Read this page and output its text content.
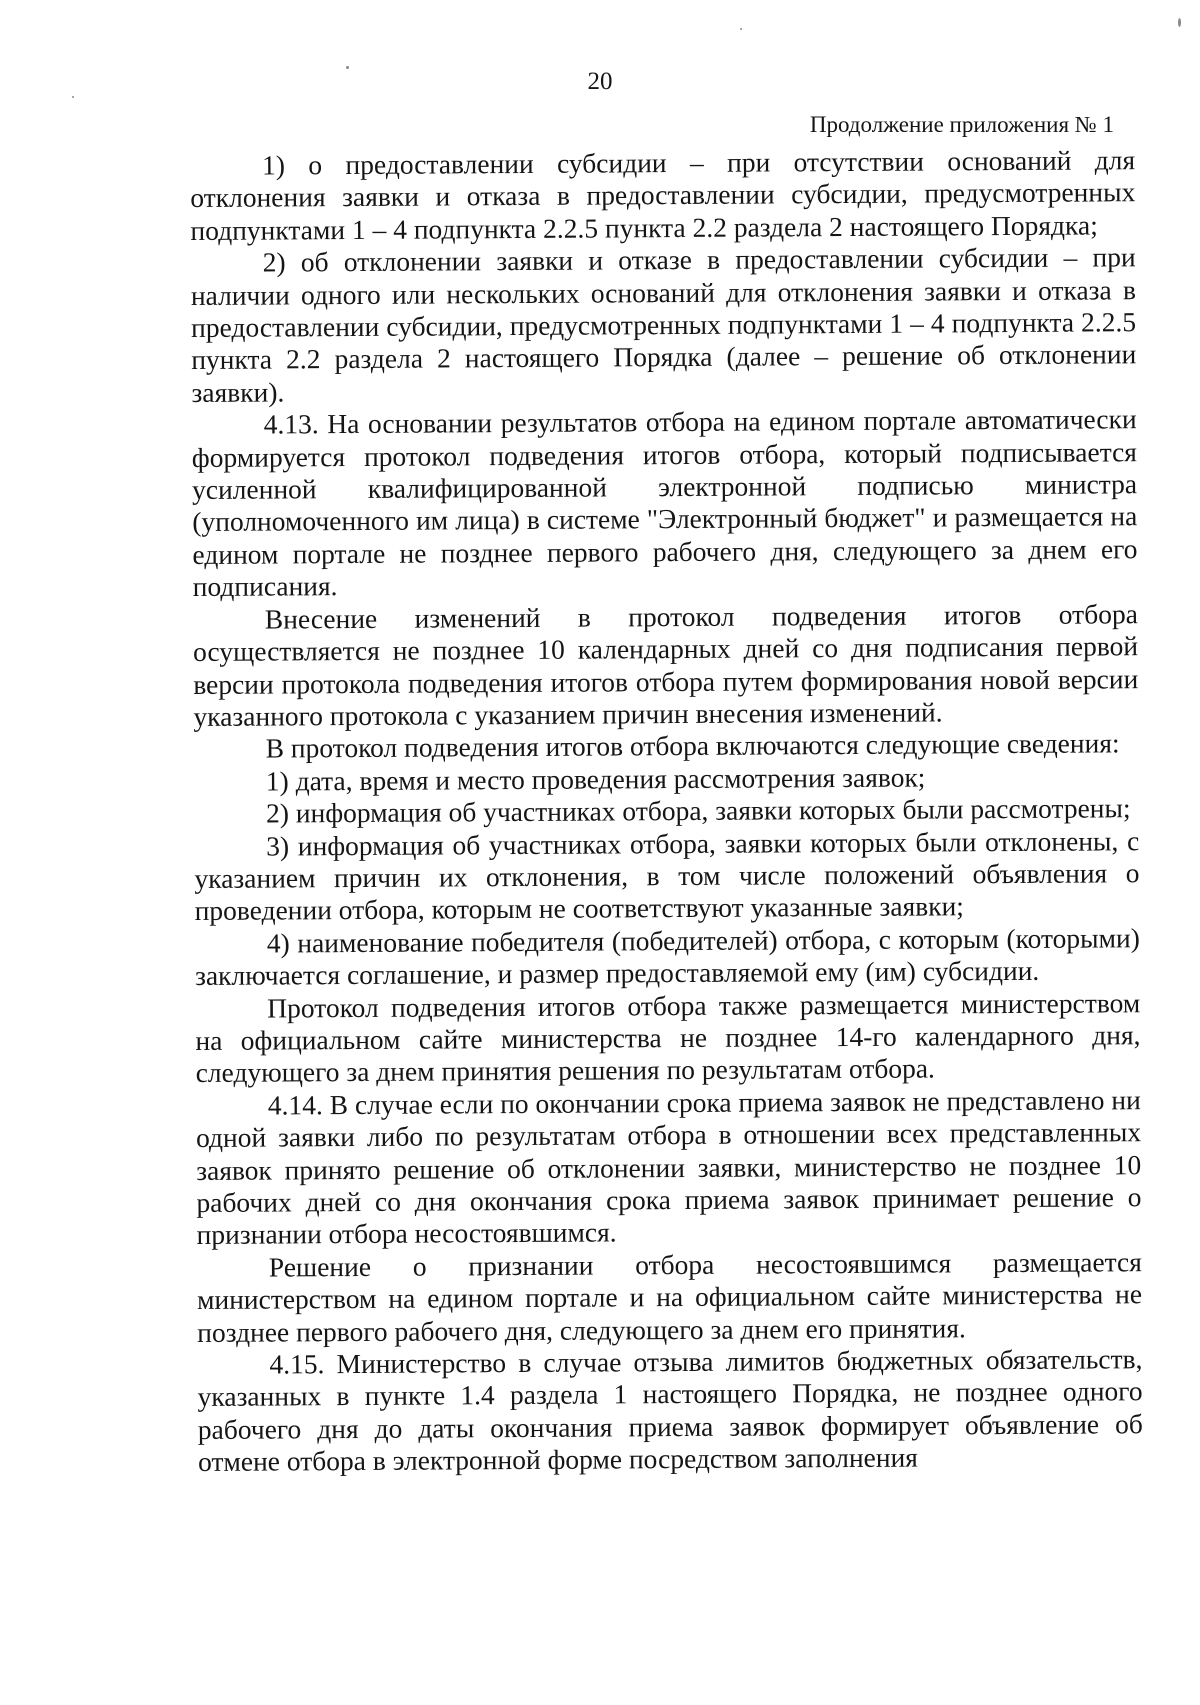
20
Продолжение приложения № 1

1) о предоставлении субсидии – при отсутствии оснований для отклонения заявки и отказа в предоставлении субсидии, предусмотренных подпунктами 1 – 4 подпункта 2.2.5 пункта 2.2 раздела 2 настоящего Порядка;

2) об отклонении заявки и отказе в предоставлении субсидии – при наличии одного или нескольких оснований для отклонения заявки и отказа в предоставлении субсидии, предусмотренных подпунктами 1 – 4 подпункта 2.2.5 пункта 2.2 раздела 2 настоящего Порядка (далее – решение об отклонении заявки).

4.13. На основании результатов отбора на едином портале автоматически формируется протокол подведения итогов отбора, который подписывается усиленной квалифицированной электронной подписью министра (уполномоченного им лица) в системе "Электронный бюджет" и размещается на едином портале не позднее первого рабочего дня, следующего за днем его подписания.

Внесение изменений в протокол подведения итогов отбора осуществляется не позднее 10 календарных дней со дня подписания первой версии протокола подведения итогов отбора путем формирования новой версии указанного протокола с указанием причин внесения изменений.

В протокол подведения итогов отбора включаются следующие сведения:

1) дата, время и место проведения рассмотрения заявок;

2) информация об участниках отбора, заявки которых были рассмотрены;

3) информация об участниках отбора, заявки которых были отклонены, с указанием причин их отклонения, в том числе положений объявления о проведении отбора, которым не соответствуют указанные заявки;

4) наименование победителя (победителей) отбора, с которым (которыми) заключается соглашение, и размер предоставляемой ему (им) субсидии.

Протокол подведения итогов отбора также размещается министерством на официальном сайте министерства не позднее 14-го календарного дня, следующего за днем принятия решения по результатам отбора.

4.14. В случае если по окончании срока приема заявок не представлено ни одной заявки либо по результатам отбора в отношении всех представленных заявок принято решение об отклонении заявки, министерство не позднее 10 рабочих дней со дня окончания срока приема заявок принимает решение о признании отбора несостоявшимся.

Решение о признании отбора несостоявшимся размещается министерством на едином портале и на официальном сайте министерства не позднее первого рабочего дня, следующего за днем его принятия.

4.15. Министерство в случае отзыва лимитов бюджетных обязательств, указанных в пункте 1.4 раздела 1 настоящего Порядка, не позднее одного рабочего дня до даты окончания приема заявок формирует объявление об отмене отбора в электронной форме посредством заполнения
